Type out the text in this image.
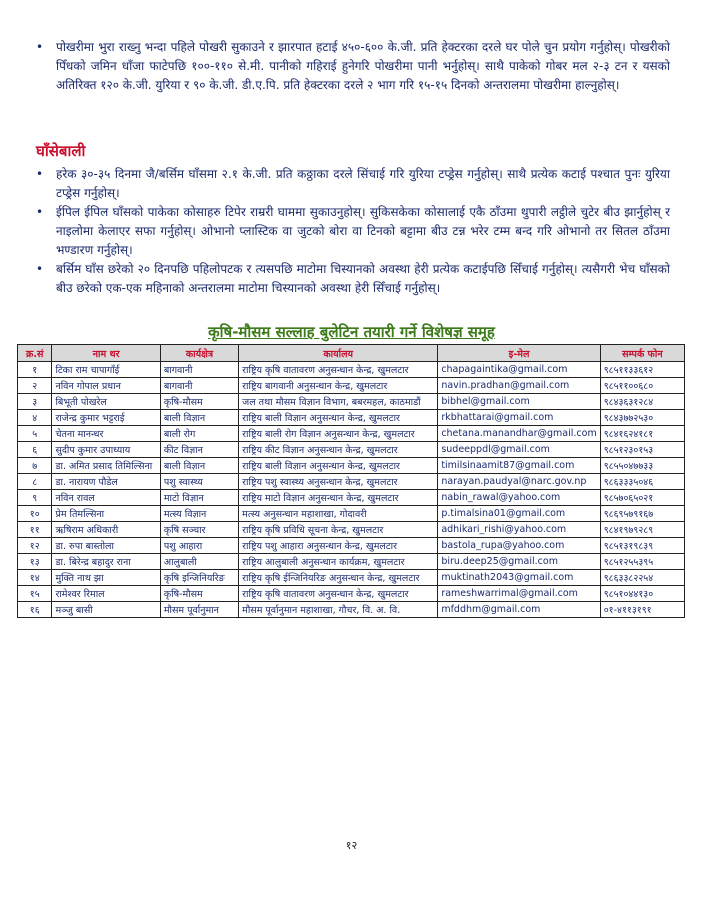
• पोखरीमा भुरा राख्नु भन्दा पहिले पोखरी सुकाउने र झारपात हटाई ४५०-६०० के.जी. प्रति हेक्टरका दरले घर पोले चुन प्रयोग गर्नुहोस्। पोखरीको पिँधको जमिन धाँजा फाटेपछि १००-११० से.मी. पानीको गहिराई हुनेगरि पोखरीमा पानी भर्नुहोस्। साथै पाकेको गोबर मल २-३ टन र यसको अतिरिक्त १२० के.जी. युरिया र ९० के.जी. डी.ए.पि. प्रति हेक्टरका दरले २ भाग गरि १५-१५ दिनको अन्तरालमा पोखरीमा हाल्नुहोस्।
घाँसेबाली
• हरेक ३०-३५ दिनमा जै/बर्सिम घाँसमा २.१ के.जी. प्रति कठ्ठाका दरले सिंचाई गरि युरिया टप्ड्रेस गर्नुहोस्। साथै प्रत्येक कटाई पश्चात पुनः युरिया टप्ड्रेस गर्नुहोस्।
• ईपिल ईपिल घाँसको पाकेका कोसाहरु टिपेर राम्ररी घाममा सुकाउनुहोस्। सुकिसकेका कोसालाई एकै ठाँउमा थुपारी लट्ठीले चुटेर बीउ झार्नुहोस् र नाइलोमा केलाएर सफा गर्नुहोस्। ओभानो प्लास्टिक वा जुटको बोरा वा टिनको बट्टामा बीउ टन्न भरेर टम्म बन्द गरि ओभानो तर सितल ठाँउमा भण्डारण गर्नुहोस्।
• बर्सिम घाँस छरेको २० दिनपछि पहिलोपटक र त्यसपछि माटोमा चिस्यानको अवस्था हेरी प्रत्येक कटाईपछि सिँचाई गर्नुहोस्। त्यसैगरी भेच घाँसको बीउ छरेको एक-एक महिनाको अन्तरालमा माटोमा चिस्यानको अवस्था हेरी सिँचाई गर्नुहोस्।
कृषि-मौसम सल्लाह बुलेटिन तयारी गर्ने विशेषज्ञ समूह
क्र.सं	नाम थर	कार्यक्षेत्र	कार्यालय	इ-मेल	सम्पर्क फोन
१	टिका राम चापागाँई	बागवानी	राष्ट्रिय कृषि वातावरण अनुसन्धान केन्द्र, खुमलटार	chapagaintika@gmail.com	९८५११३३६१२
२	नविन गोपाल प्रधान	बागवानी	राष्ट्रिय बागवानी अनुसन्धान केन्द्र, खुमलटार	navin.pradhan@gmail.com	९८५११००६८०
३	बिभूती पोखरेल	कृषि-मौसम	जल तथा मौसम विज्ञान विभाग, बबरमहल, काठमाडौं	bibhel@gmail.com	९८४३६३१२८४
४	राजेन्द्र कुमार भट्टराई	बाली विज्ञान	राष्ट्रिय बाली विज्ञान अनुसन्धान केन्द्र, खुमलटार	rkbhattarai@gmail.com	९८४३७७२५३०
५	चेतना मानन्धर	बाली रोग	राष्ट्रिय बाली रोग विज्ञान अनुसन्धान केन्द्र, खुमलटार	chetana.manandhar@gmail.com	९८४१६२४१८१
६	सुदीप कुमार उपाध्याय	कीट विज्ञान	राष्ट्रिय कीट विज्ञान अनुसन्धान केन्द्र, खुमलटार	sudeeppdl@gmail.com	९८५१२३०१५३
७	डा. अमित प्रसाद तिमिल्सिना	बाली विज्ञान	राष्ट्रिय बाली विज्ञान अनुसन्धान केन्द्र, खुमलटार	timilsinaamit87@gmail.com	९८५५०४७७३३
८	डा. नारायण पौडेल	पशु स्वास्थ्य	राष्ट्रिय पशु स्वास्थ्य अनुसन्धान केन्द्र, खुमलटार	narayan.paudyal@narc.gov.np	९८६३३३५०४६
९	नविन रावल	माटो विज्ञान	राष्ट्रिय माटो विज्ञान अनुसन्धान केन्द्र, खुमलटार	nabin_rawal@yahoo.com	९८५७०६५०२१
१०	प्रेम तिमल्सिना	मत्स्य विज्ञान	मत्स्य अनुसन्धान महाशाखा, गोदावरी	p.timalsina01@gmail.com	९८६९५७९१६७
११	ऋषिराम अधिकारी	कृषि सञ्चार	राष्ट्रिय कृषि प्रविधि सूचना केन्द्र, खुमलटार	adhikari_rishi@yahoo.com	९८४१९७९२८९
१२	डा. रुपा बास्तोला	पशु आहारा	राष्ट्रिय पशु आहारा अनुसन्धान केन्द्र, खुमलटार	bastola_rupa@yahoo.com	९८५१३१९८३९
१३	डा. बिरेन्द्र बहादुर राना	आलुबाली	राष्ट्रिय आलुबाली अनुसन्धान कार्यक्रम, खुमलटार	biru.deep25@gmail.com	९८५१२५५३९५
१४	मुक्ति नाथ झा	कृषि इन्जिनियरिङ	राष्ट्रिय कृषि ईन्जिनियरिङ अनुसन्धान केन्द्र, खुमलटार	muktinath2043@gmail.com	९८६३३८२२५४
१५	रामेश्वर रिमाल	कृषि-मौसम	राष्ट्रिय कृषि वातावरण अनुसन्धान केन्द्र, खुमलटार	rameshwarrimal@gmail.com	९८५१०४४१३०
१६	मञ्जु बासी	मौसम पूर्वानुमान	मौसम पूर्वानुमान महाशाखा, गौचर, वि. अ. वि.	mfddhm@gmail.com	०१-४११३१९१
१२
